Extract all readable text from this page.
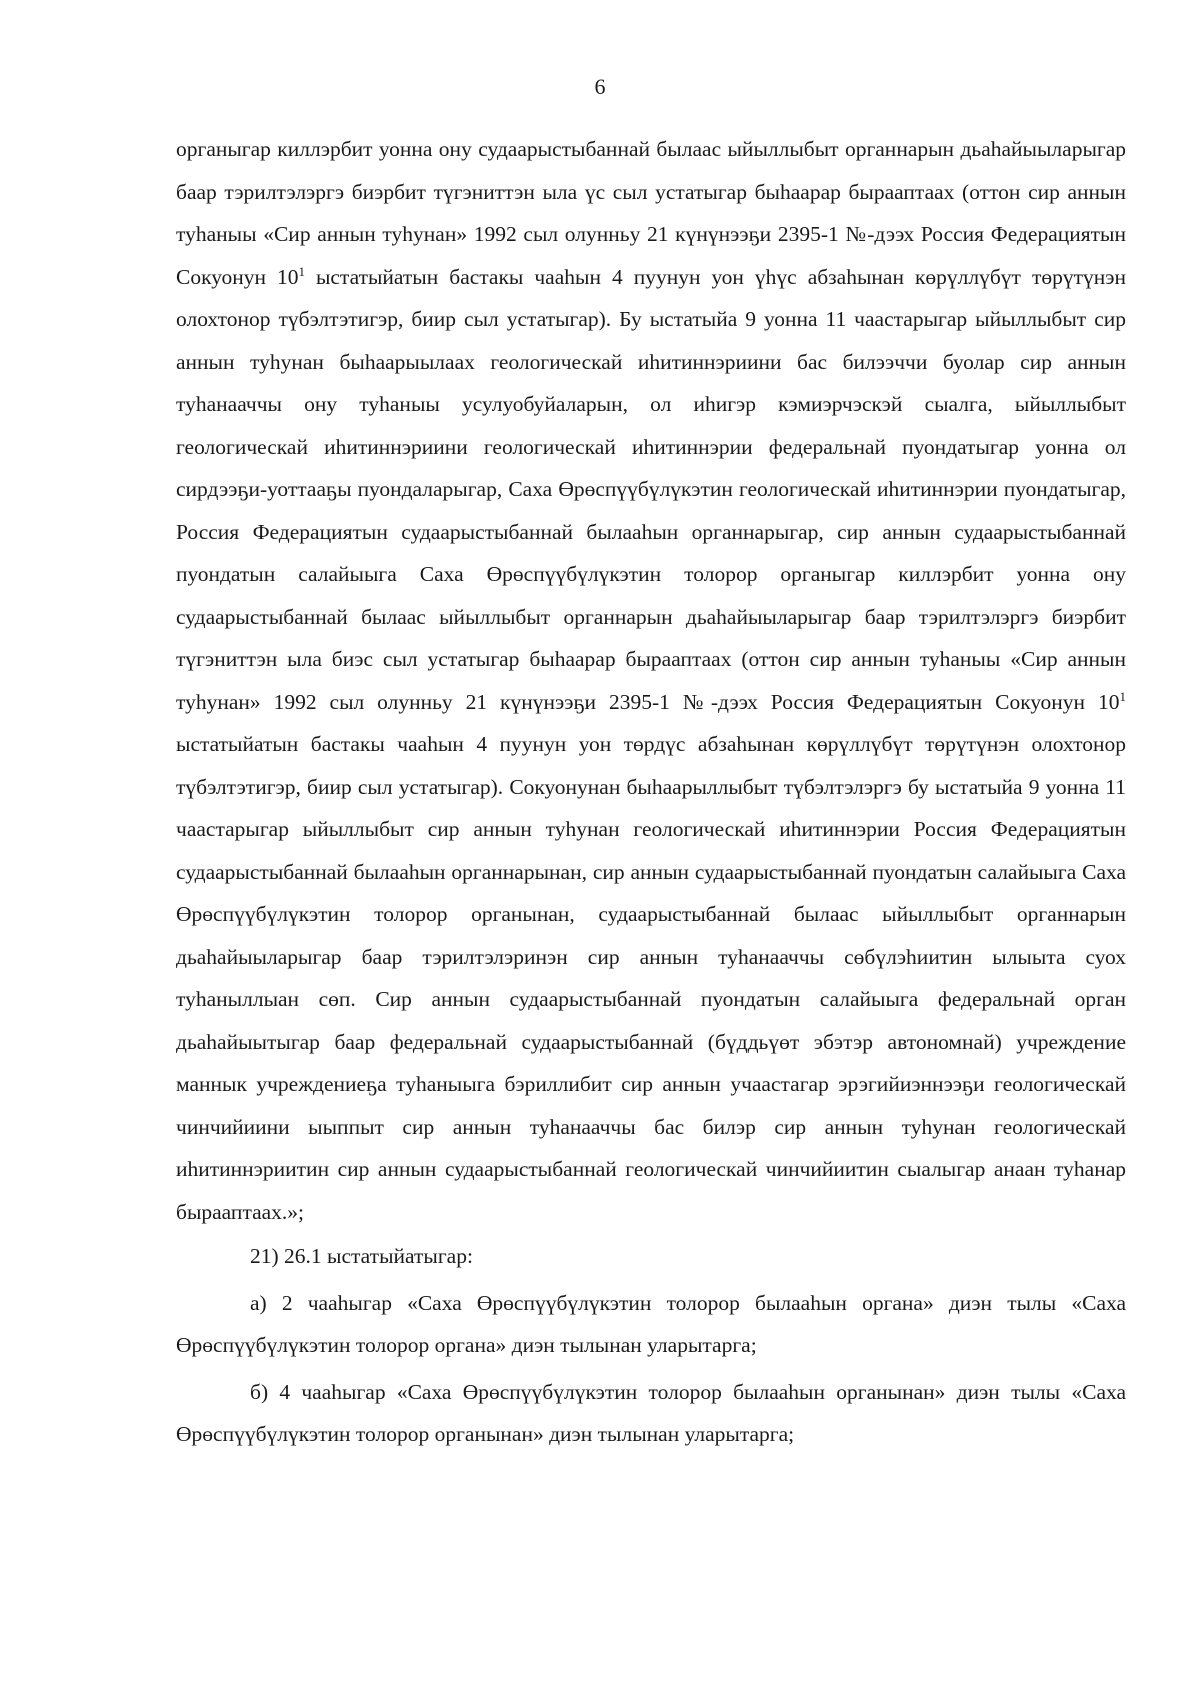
6

органыгар киллэрбит уонна ону судаарыстыбаннай былаас ыйыллыбыт органнарын дьаһайыыларыгар баар тэрилтэлэргэ биэрбит түгэниттэн ыла үс сыл устатыгар быһаарар бырааптаах (оттон сир аннын туһаныы «Сир аннын туһунан» 1992 сыл олунньу 21 күнүнээҕи 2395-1 №-дээх Россия Федерациятын Сокуонун $10^1$ ыстатыйатын бастакы чааһын 4 пуунун уон үһүс абзаһынан көрүллүбүт төрүтүнэн олохтонор түбэлтэтигэр, биир сыл устатыгар). Бу ыстатыйа 9 уонна 11 чаастарыгар ыйыллыбыт сир аннын туһунан быһаарыылаах геологическай иһитиннэриини бас билээччи буолар сир аннын туһанааччы ону туһаныы усулуобуйаларын, ол иһигэр кэмиэрчэскэй сыалга, ыйыллыбыт геологическай иһитиннэриини геологическай иһитиннэрии федеральнай пуондатыгар уонна ол сирдээҕи-уоттааҕы пуондаларыгар, Саха Өрөспүүбүлүкэтин геологическай иһитиннэрии пуондатыгар, Россия Федерациятын судаарыстыбаннай былааһын органнарыгар, сир аннын судаарыстыбаннай пуондатын салайыыга Саха Өрөспүүбүлүкэтин толорор органыгар киллэрбит уонна ону судаарыстыбаннай былаас ыйыллыбыт органнарын дьаһайыыларыгар баар тэрилтэлэргэ биэрбит түгэниттэн ыла биэс сыл устатыгар быһаарар бырааптаах (оттон сир аннын туһаныы «Сир аннын туһунан» 1992 сыл олунньу 21 күнүнээҕи 2395-1 №-дээх Россия Федерациятын Сокуонун $10^1$ ыстатыйатын бастакы чааһын 4 пуунун уон төрдүс абзаһынан көрүллүбүт төрүтүнэн олохтонор түбэлтэтигэр, биир сыл устатыгар). Сокуонунан быһаарыллыбыт түбэлтэлэргэ бу ыстатыйа 9 уонна 11 чаастарыгар ыйыллыбыт сир аннын туһунан геологическай иһитиннэрии Россия Федерациятын судаарыстыбаннай былааһын органнарынан, сир аннын судаарыстыбаннай пуондатын салайыыга Саха Өрөспүүбүлүкэтин толорор органынан, судаарыстыбаннай былаас ыйыллыбыт органнарын дьаһайыыларыгар баар тэрилтэлэринэн сир аннын туһанааччы сөбүлэһиитин ылыыта суох туһаныллыан сөп. Сир аннын судаарыстыбаннай пуондатын салайыыга федеральнай орган дьаһайыытыгар баар федеральнай судаарыстыбаннай (бүддьүөт эбэтэр автономнай) учреждение маннык учреждениеҕа туһаныыга бэриллибит сир аннын учаастагар эрэгийиэннээҕи геологическай чинчийиини ыыппыт сир аннын туһанааччы бас билэр сир аннын туһунан геологическай иһитиннэриитин сир аннын судаарыстыбаннай геологическай чинчийиитин сыалыгар анаан туһанар бырааптаах.»;

21) 26.1 ыстатыйатыгар:

а) 2 чааһыгар «Саха Өрөспүүбүлүкэтин толорор былааһын органа» диэн тылы «Саха Өрөспүүбүлүкэтин толорор органа» диэн тылынан уларытарга;

б) 4 чааһыгар «Саха Өрөспүүбүлүкэтин толорор былааһын органынан» диэн тылы «Саха Өрөспүүбүлүкэтин толорор органынан» диэн тылынан уларытарга;
